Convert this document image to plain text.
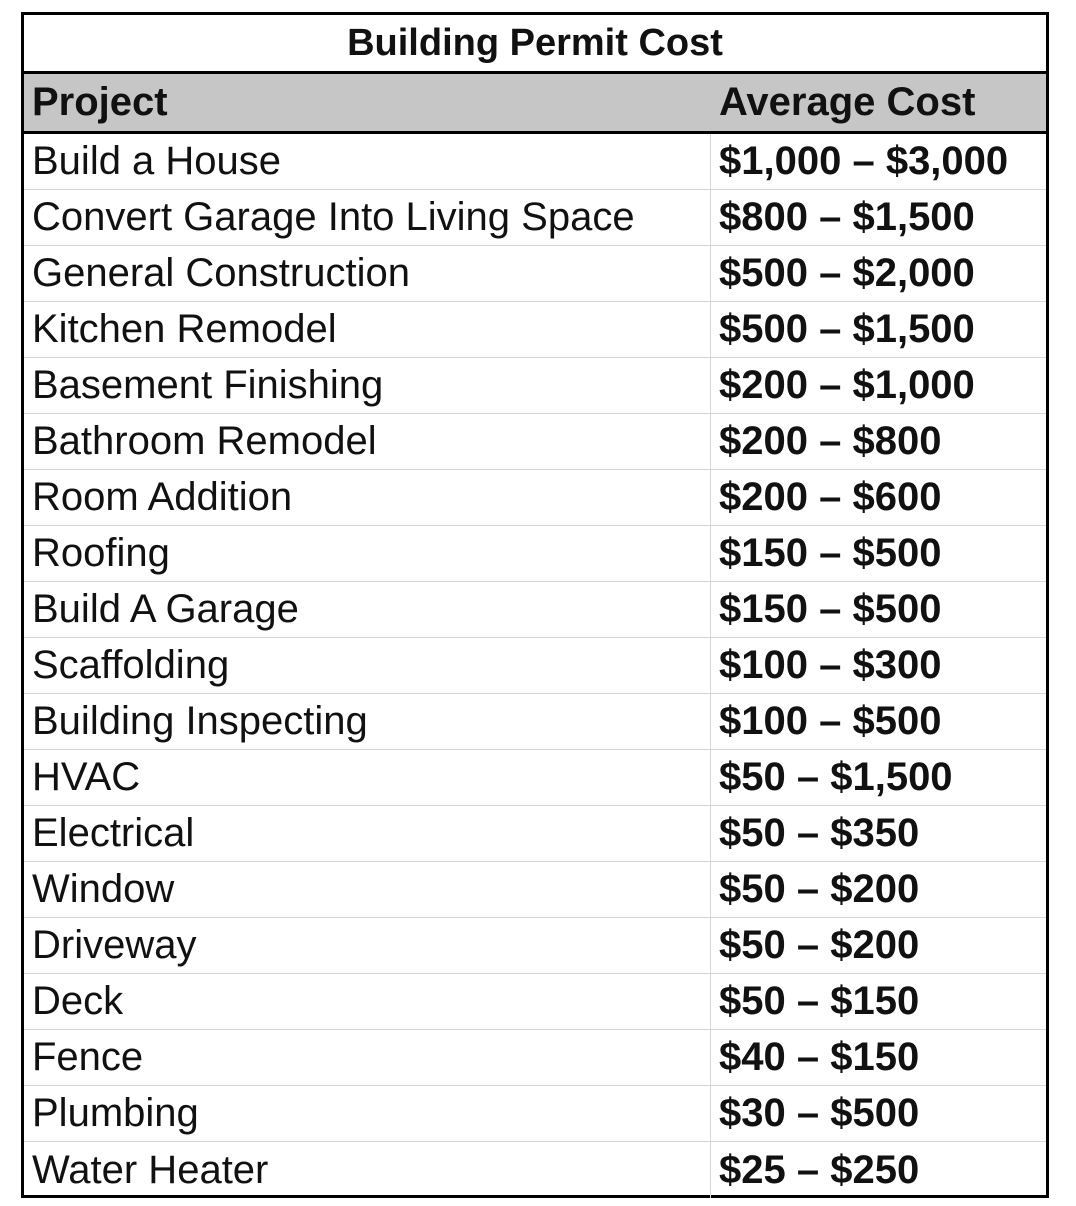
Building Permit Cost
Project	Average Cost
Build a House	$1,000 – $3,000
Convert Garage Into Living Space	$800 – $1,500
General Construction	$500 – $2,000
Kitchen Remodel	$500 – $1,500
Basement Finishing	$200 – $1,000
Bathroom Remodel	$200 – $800
Room Addition	$200 – $600
Roofing	$150 – $500
Build A Garage	$150 – $500
Scaffolding	$100 – $300
Building Inspecting	$100 – $500
HVAC	$50 – $1,500
Electrical	$50 – $350
Window	$50 – $200
Driveway	$50 – $200
Deck	$50 – $150
Fence	$40 – $150
Plumbing	$30 – $500
Water Heater	$25 – $250
